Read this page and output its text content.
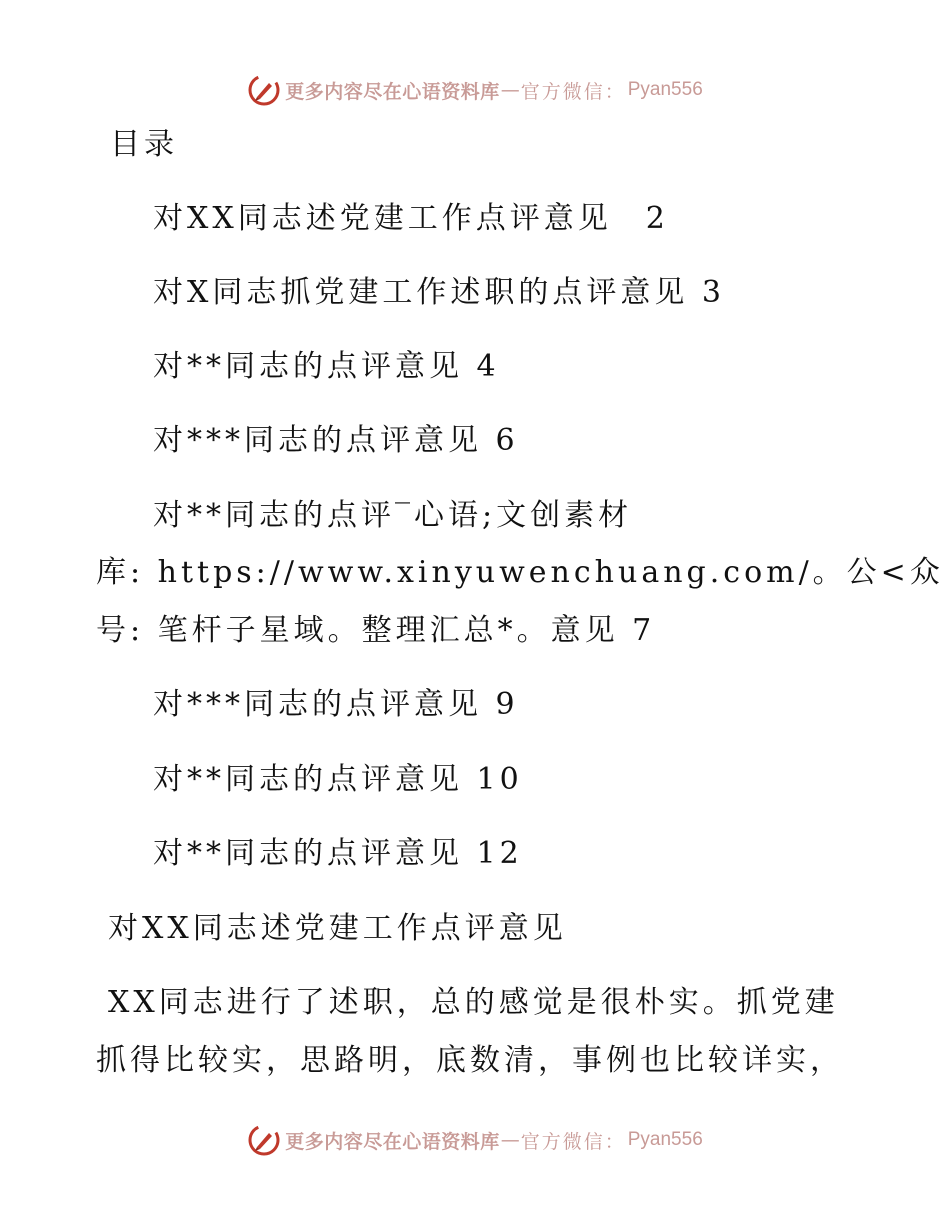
更多内容尽在心语资料库 — 官方微信： Pyan556
目录
对XX同志述党建工作点评意见　2
对X同志抓党建工作述职的点评意见 3
对**同志的点评意见 4
对***同志的点评意见 6
对**同志的点评‾心语;文创素材
库: https://www.xinyuwenchuang.com/。公<众
号: 笔杆子星域。整理汇总*。意见 7
对***同志的点评意见 9
对**同志的点评意见 10
对**同志的点评意见 12
对XX同志述党建工作点评意见
XX同志进行了述职，总的感觉是很朴实。抓党建
抓得比较实，思路明，底数清，事例也比较详实，
更多内容尽在心语资料库 — 官方微信： Pyan556
